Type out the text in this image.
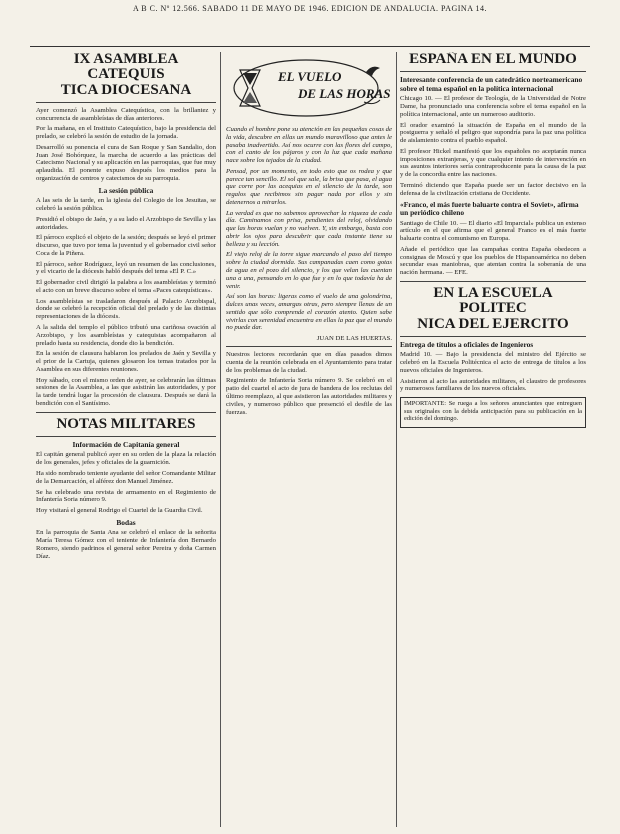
A B C. Nº 12.566. SABADO 11 DE MAYO DE 1946. EDICION DE ANDALUCIA. PAGINA 14.
IX ASAMBLEA CATEQUIS
TICA DIOCESANA

Ayer comenzó la Asamblea Catequística, con la brillantez y concurrencia de asambleístas de días anteriores.

Por la mañana, en el Instituto Catequístico, bajo la presidencia del prelado, se celebró la sesión de estudio de la jornada.

Desarrolló su ponencia el cura de San Roque y San Sandalio, don Juan José Bohórquez, la marcha de acuerdo a las prácticas del Catecismo Nacional y su aplicación en las parroquias, que fue muy aplaudida. El ponente expuso después los medios para la organización de centros y catecismos de su parroquia.

La sesión pública

A las seis de la tarde, en la iglesia del Colegio de los Jesuitas, se celebró la sesión pública.

Presidió el obispo de Jaén, y a su lado el Arzobispo de Sevilla y las autoridades.

El párroco explicó el objeto de la sesión; después se leyó el primer discurso, que tuvo por tema la juventud y el gobernador civil señor Coca de la Piñera.

El párroco, señor Rodríguez, leyó un resumen de las conclusiones, y el vicario de la diócesis habló después del tema «El P. C.»

El gobernador civil dirigió la palabra a los asambleístas y terminó el acto con un breve discurso sobre el tema «Paces catequísticas».

Los asambleístas se trasladaron después al Palacio Arzobispal, donde se celebró la recepción oficial del prelado y de las distintas representaciones de la diócesis.

A la salida del templo el público tributó una cariñosa ovación al Arzobispo, y los asambleístas y catequistas acompañaron al prelado hasta su residencia, donde dio la bendición.

En la sesión de clausura hablaron los prelados de Jaén y Sevilla y el prior de la Cartuja, quienes glosaron los temas tratados por la Asamblea en sus diferentes reuniones.

Hoy sábado, con el mismo orden de ayer, se celebrarán las últimas sesiones de la Asamblea, a las que asistirán las autoridades, y por la tarde tendrá lugar la procesión de clausura. Después se dará la bendición con el Santísimo.

NOTAS MILITARES
Información de Capitanía general

El capitán general publicó ayer en su orden de la plaza la relación de los generales, jefes y oficiales de la guarnición.

Ha sido nombrado teniente ayudante del señor Comandante Militar de la Demarcación, el alférez don Manuel Jiménez.

Se ha celebrado una revista de armamento en el Regimiento de Infantería Soria número 9.

Hoy visitará el general Rodrigo el Cuartel de la Guardia Civil.

Bodas

En la parroquia de Santa Ana se celebró el enlace de la señorita María Teresa Gómez con el teniente de Infantería don Bernardo Romero, siendo padrinos el general señor Pereira y doña Carmen Díaz.

EL VUELO
DE LAS HORAS

Cuando el hombre pone su atención en las pequeñas cosas de la vida, descubre en ellas un mundo maravilloso que antes le pasaba inadvertido. Así nos ocurre con las flores del campo, con el canto de los pájaros y con la luz que cada mañana nace sobre los tejados de la ciudad.

Pensad, por un momento, en todo esto que os rodea y que parece tan sencillo. El sol que sale, la brisa que pasa, el agua que corre por las acequias en el silencio de la tarde, son regalos que recibimos sin pagar nada por ellos y sin detenernos a mirarlos.

La verdad es que no sabemos aprovechar la riqueza de cada día. Caminamos con prisa, pendientes del reloj, olvidando que las horas vuelan y no vuelven. Y, sin embargo, basta con abrir los ojos para descubrir que cada instante tiene su belleza y su lección.

El viejo reloj de la torre sigue marcando el paso del tiempo sobre la ciudad dormida. Sus campanadas caen como gotas de agua en el pozo del silencio, y los que velan las cuentan una a una, pensando en lo que fue y en lo que todavía ha de venir.

Así son las horas: ligeras como el vuelo de una golondrina, dulces unas veces, amargas otras, pero siempre llenas de un sentido que sólo comprende el corazón atento. Quien sabe vivirlas con serenidad encuentra en ellas la paz que el mundo no puede dar.

JUAN DE LAS HUERTAS.

Nuestros lectores recordarán que en días pasados dimos cuenta de la reunión celebrada en el Ayuntamiento para tratar de los problemas de la ciudad.

Regimiento de Infantería Soria número 9. Se celebró en el patio del cuartel el acto de jura de bandera de los reclutas del último reemplazo, al que asistieron las autoridades militares y civiles, y numeroso público que presenció el desfile de las fuerzas.

ESPAÑA EN EL MUNDO
Interesante conferencia de un catedrático norteamericano sobre el tema español en la política internacional

Chicago 10. — El profesor de Teología, de la Universidad de Notre Dame, ha pronunciado una conferencia sobre el tema español en la política internacional, ante un numeroso auditorio.

El orador examinó la situación de España en el mundo de la postguerra y señaló el peligro que supondría para la paz una política de aislamiento contra el pueblo español.

El profesor Hickel manifestó que los españoles no aceptarán nunca imposiciones extranjeras, y que cualquier intento de intervención en sus asuntos interiores sería contraproducente para la causa de la paz y de la concordia entre las naciones.

Terminó diciendo que España puede ser un factor decisivo en la defensa de la civilización cristiana de Occidente.

«Franco, el más fuerte baluarte contra el Soviet», afirma un periódico chileno

Santiago de Chile 10. — El diario «El Imparcial» publica un extenso artículo en el que afirma que el general Franco es el más fuerte baluarte contra el comunismo en Europa.

Añade el periódico que las campañas contra España obedecen a consignas de Moscú y que los pueblos de Hispanoamérica no deben secundar esas maniobras, que atentan contra la soberanía de una nación hermana. — EFE.

EN LA ESCUELA POLITEC
NICA DEL EJERCITO
Entrega de títulos a oficiales de Ingenieros

Madrid 10. — Bajo la presidencia del ministro del Ejército se celebró en la Escuela Politécnica el acto de entrega de títulos a los nuevos oficiales de Ingenieros.

Asistieron al acto las autoridades militares, el claustro de profesores y numerosos familiares de los nuevos oficiales.

IMPORTANTE: Se ruega a los señores anunciantes que entreguen sus originales con la debida anticipación para su publicación en la edición del domingo.
